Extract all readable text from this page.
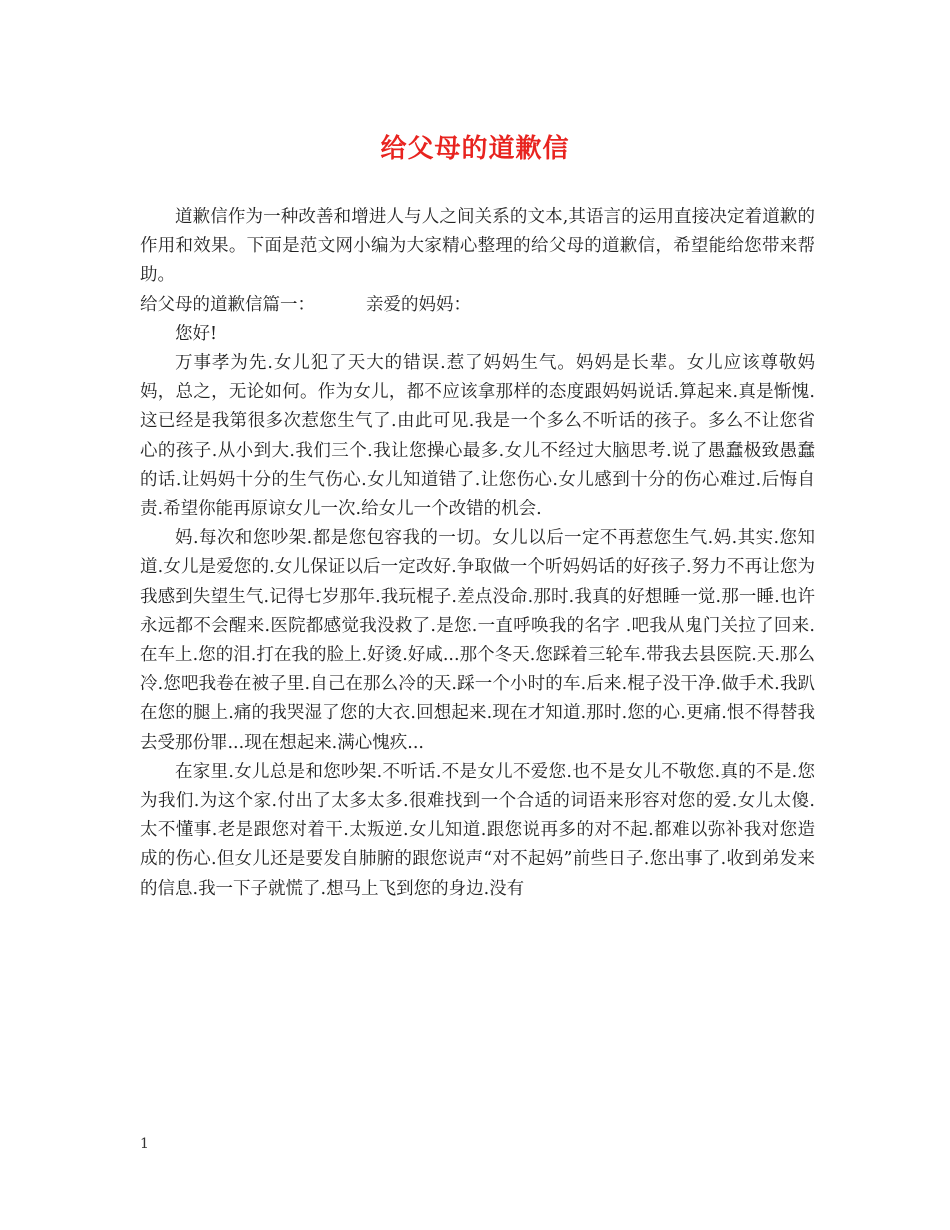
给父母的道歉信

道歉信作为一种改善和增进人与人之间关系的文本,其语言的运用直接决定着道歉的作用和效果。下面是范文网小编为大家精心整理的给父母的道歉信，希望能给您带来帮助。

给父母的道歉信篇一：	亲爱的妈妈：

您好!

万事孝为先.女儿犯了天大的错误.惹了妈妈生气。妈妈是长辈。女儿应该尊敬妈妈，总之，无论如何。作为女儿，都不应该拿那样的态度跟妈妈说话.算起来.真是惭愧.这已经是我第很多次惹您生气了.由此可见.我是一个多么不听话的孩子。多么不让您省心的孩子.从小到大.我们三个.我让您操心最多.女儿不经过大脑思考.说了愚蠢极致愚蠢的话.让妈妈十分的生气伤心.女儿知道错了.让您伤心.女儿感到十分的伤心难过.后悔自责.希望你能再原谅女儿一次.给女儿一个改错的机会.

妈.每次和您吵架.都是您包容我的一切。女儿以后一定不再惹您生气.妈.其实.您知道.女儿是爱您的.女儿保证以后一定改好.争取做一个听妈妈话的好孩子.努力不再让您为我感到失望生气.记得七岁那年.我玩棍子.差点没命.那时.我真的好想睡一觉.那一睡.也许永远都不会醒来.医院都感觉我没救了.是您.一直呼唤我的名字 .吧我从鬼门关拉了回来.在车上.您的泪.打在我的脸上.好烫.好咸...那个冬天.您踩着三轮车.带我去县医院.天.那么冷.您吧我卷在被子里.自己在那么冷的天.踩一个小时的车.后来.棍子没干净.做手术.我趴在您的腿上.痛的我哭湿了您的大衣.回想起来.现在才知道.那时.您的心.更痛.恨不得替我去受那份罪...现在想起来.满心愧疚...

在家里.女儿总是和您吵架.不听话.不是女儿不爱您.也不是女儿不敬您.真的不是.您为我们.为这个家.付出了太多太多.很难找到一个合适的词语来形容对您的爱.女儿太傻.太不懂事.老是跟您对着干.太叛逆.女儿知道.跟您说再多的对不起.都难以弥补我对您造成的伤心.但女儿还是要发自肺腑的跟您说声“对不起妈”前些日子.您出事了.收到弟发来的信息.我一下子就慌了.想马上飞到您的身边.没有

1
